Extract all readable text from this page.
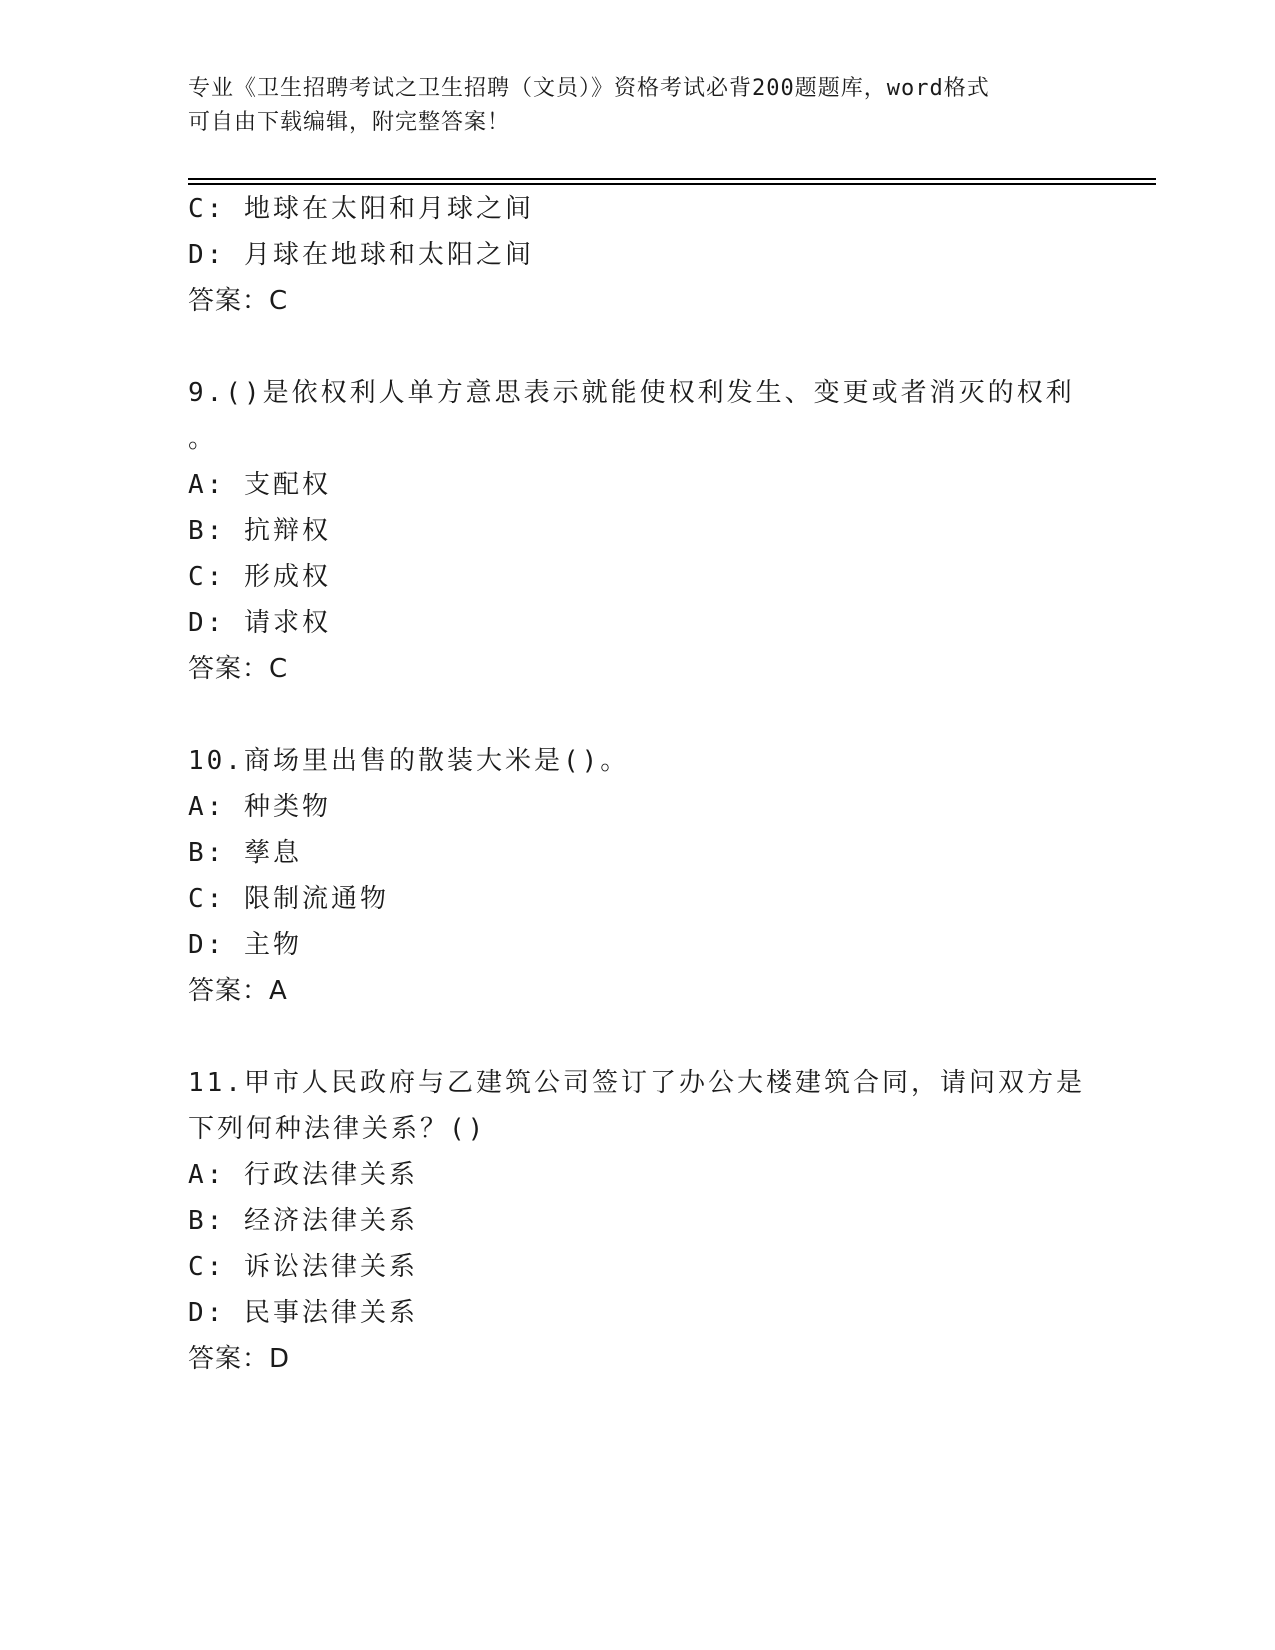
专业《卫生招聘考试之卫生招聘（文员）》资格考试必背200题题库，word格式
可自由下载编辑，附完整答案！
C: 地球在太阳和月球之间
D: 月球在地球和太阳之间
答案：C
9.()是依权利人单方意思表示就能使权利发生、变更或者消灭的权利
。
A: 支配权
B: 抗辩权
C: 形成权
D: 请求权
答案：C
10.商场里出售的散装大米是()。
A: 种类物
B: 孳息
C: 限制流通物
D: 主物
答案：A
11.甲市人民政府与乙建筑公司签订了办公大楼建筑合同，请问双方是
下列何种法律关系？()
A: 行政法律关系
B: 经济法律关系
C: 诉讼法律关系
D: 民事法律关系
答案：D
